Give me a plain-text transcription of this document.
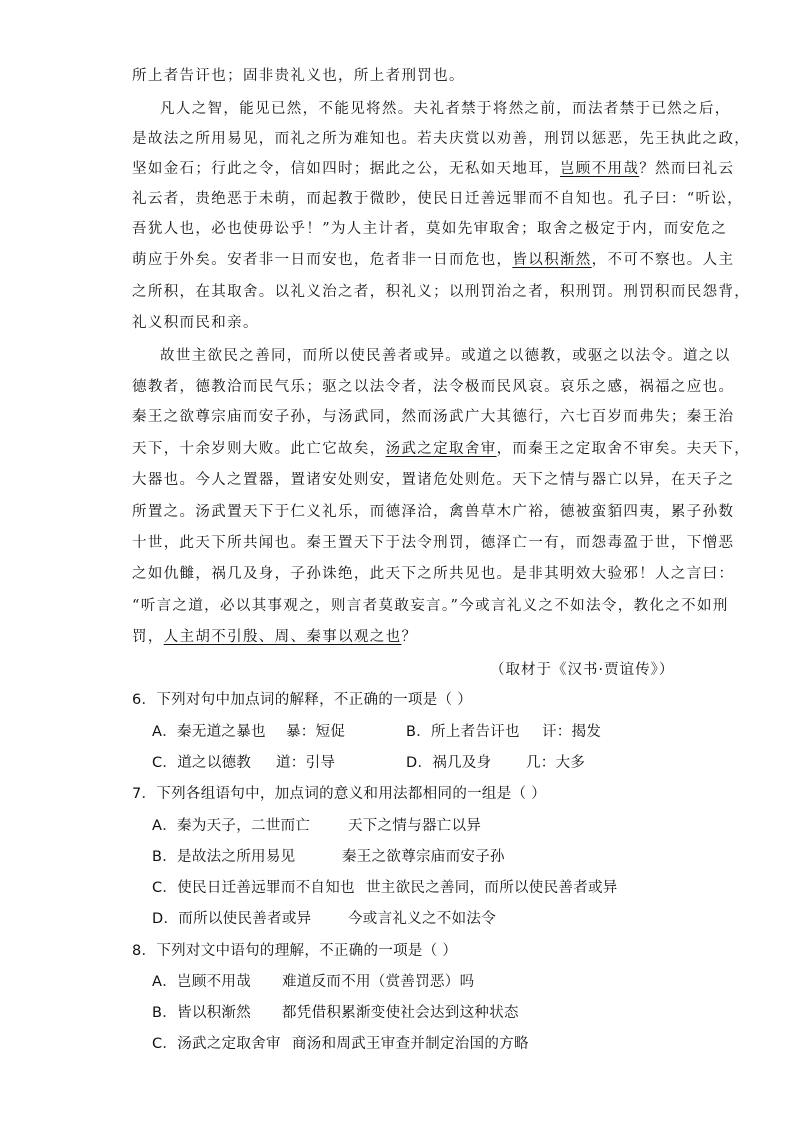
所上者告讦也；固非贵礼义也，所上者刑罚也。
凡人之智，能见已然，不能见将然。夫礼者禁于将然之前，而法者禁于已然之后，
是故法之所用易见，而礼之所为难知也。若夫庆赏以劝善，刑罚以惩恶，先王执此之政，
坚如金石；行此之令，信如四时；据此之公，无私如天地耳，岂顾不用哉？然而曰礼云
礼云者，贵绝恶于未萌，而起教于微眇，使民日迁善远罪而不自知也。孔子曰：“听讼，
吾犹人也，必也使毋讼乎！”为人主计者，莫如先审取舍；取舍之极定于内，而安危之
萌应于外矣。安者非一日而安也，危者非一日而危也，皆以积渐然，不可不察也。人主
之所积，在其取舍。以礼义治之者，积礼义；以刑罚治之者，积刑罚。刑罚积而民怨背，
礼义积而民和亲。
故世主欲民之善同，而所以使民善者或异。或道之以德教，或驱之以法令。道之以
德教者，德教洽而民气乐；驱之以法令者，法令极而民风哀。哀乐之感，祸福之应也。
秦王之欲尊宗庙而安子孙，与汤武同，然而汤武广大其德行，六七百岁而弗失；秦王治
天下，十余岁则大败。此亡它故矣，汤武之定取舍审，而秦王之定取舍不审矣。夫天下，
大器也。今人之置器，置诸安处则安，置诸危处则危。天下之情与器亡以异，在天子之
所置之。汤武置天下于仁义礼乐，而德泽洽，禽兽草木广裕，德被蛮貊四夷，累子孙数
十世，此天下所共闻也。秦王置天下于法令刑罚，德泽亡一有，而怨毒盈于世，下憎恶
之如仇雠，祸几及身，子孙诛绝，此天下之所共见也。是非其明效大验邪！人之言曰：
“听言之道，必以其事观之，则言者莫敢妄言。”今或言礼义之不如法令，教化之不如刑
罚，人主胡不引殷、周、秦事以观之也？
（取材于《汉书·贾谊传》）
6．下列对句中加点词的解释，不正确的一项是（ ）
A．秦无道之暴也 暴：短促	B．所上者告讦也 讦：揭发
C．道之以德教 道：引导	D．祸几及身 几：大多
7．下列各组语句中，加点词的意义和用法都相同的一组是（ ）
A．秦为天子，二世而亡	天下之情与器亡以异
B．是故法之所用易见	秦王之欲尊宗庙而安子孙
C．使民日迁善远罪而不自知也 世主欲民之善同，而所以使民善者或异
D．而所以使民善者或异	今或言礼义之不如法令
8．下列对文中语句的理解，不正确的一项是（ ）
A．岂顾不用哉 难道反而不用（赏善罚恶）吗
B．皆以积渐然 都凭借积累渐变使社会达到这种状态
C．汤武之定取舍审 商汤和周武王审查并制定治国的方略
